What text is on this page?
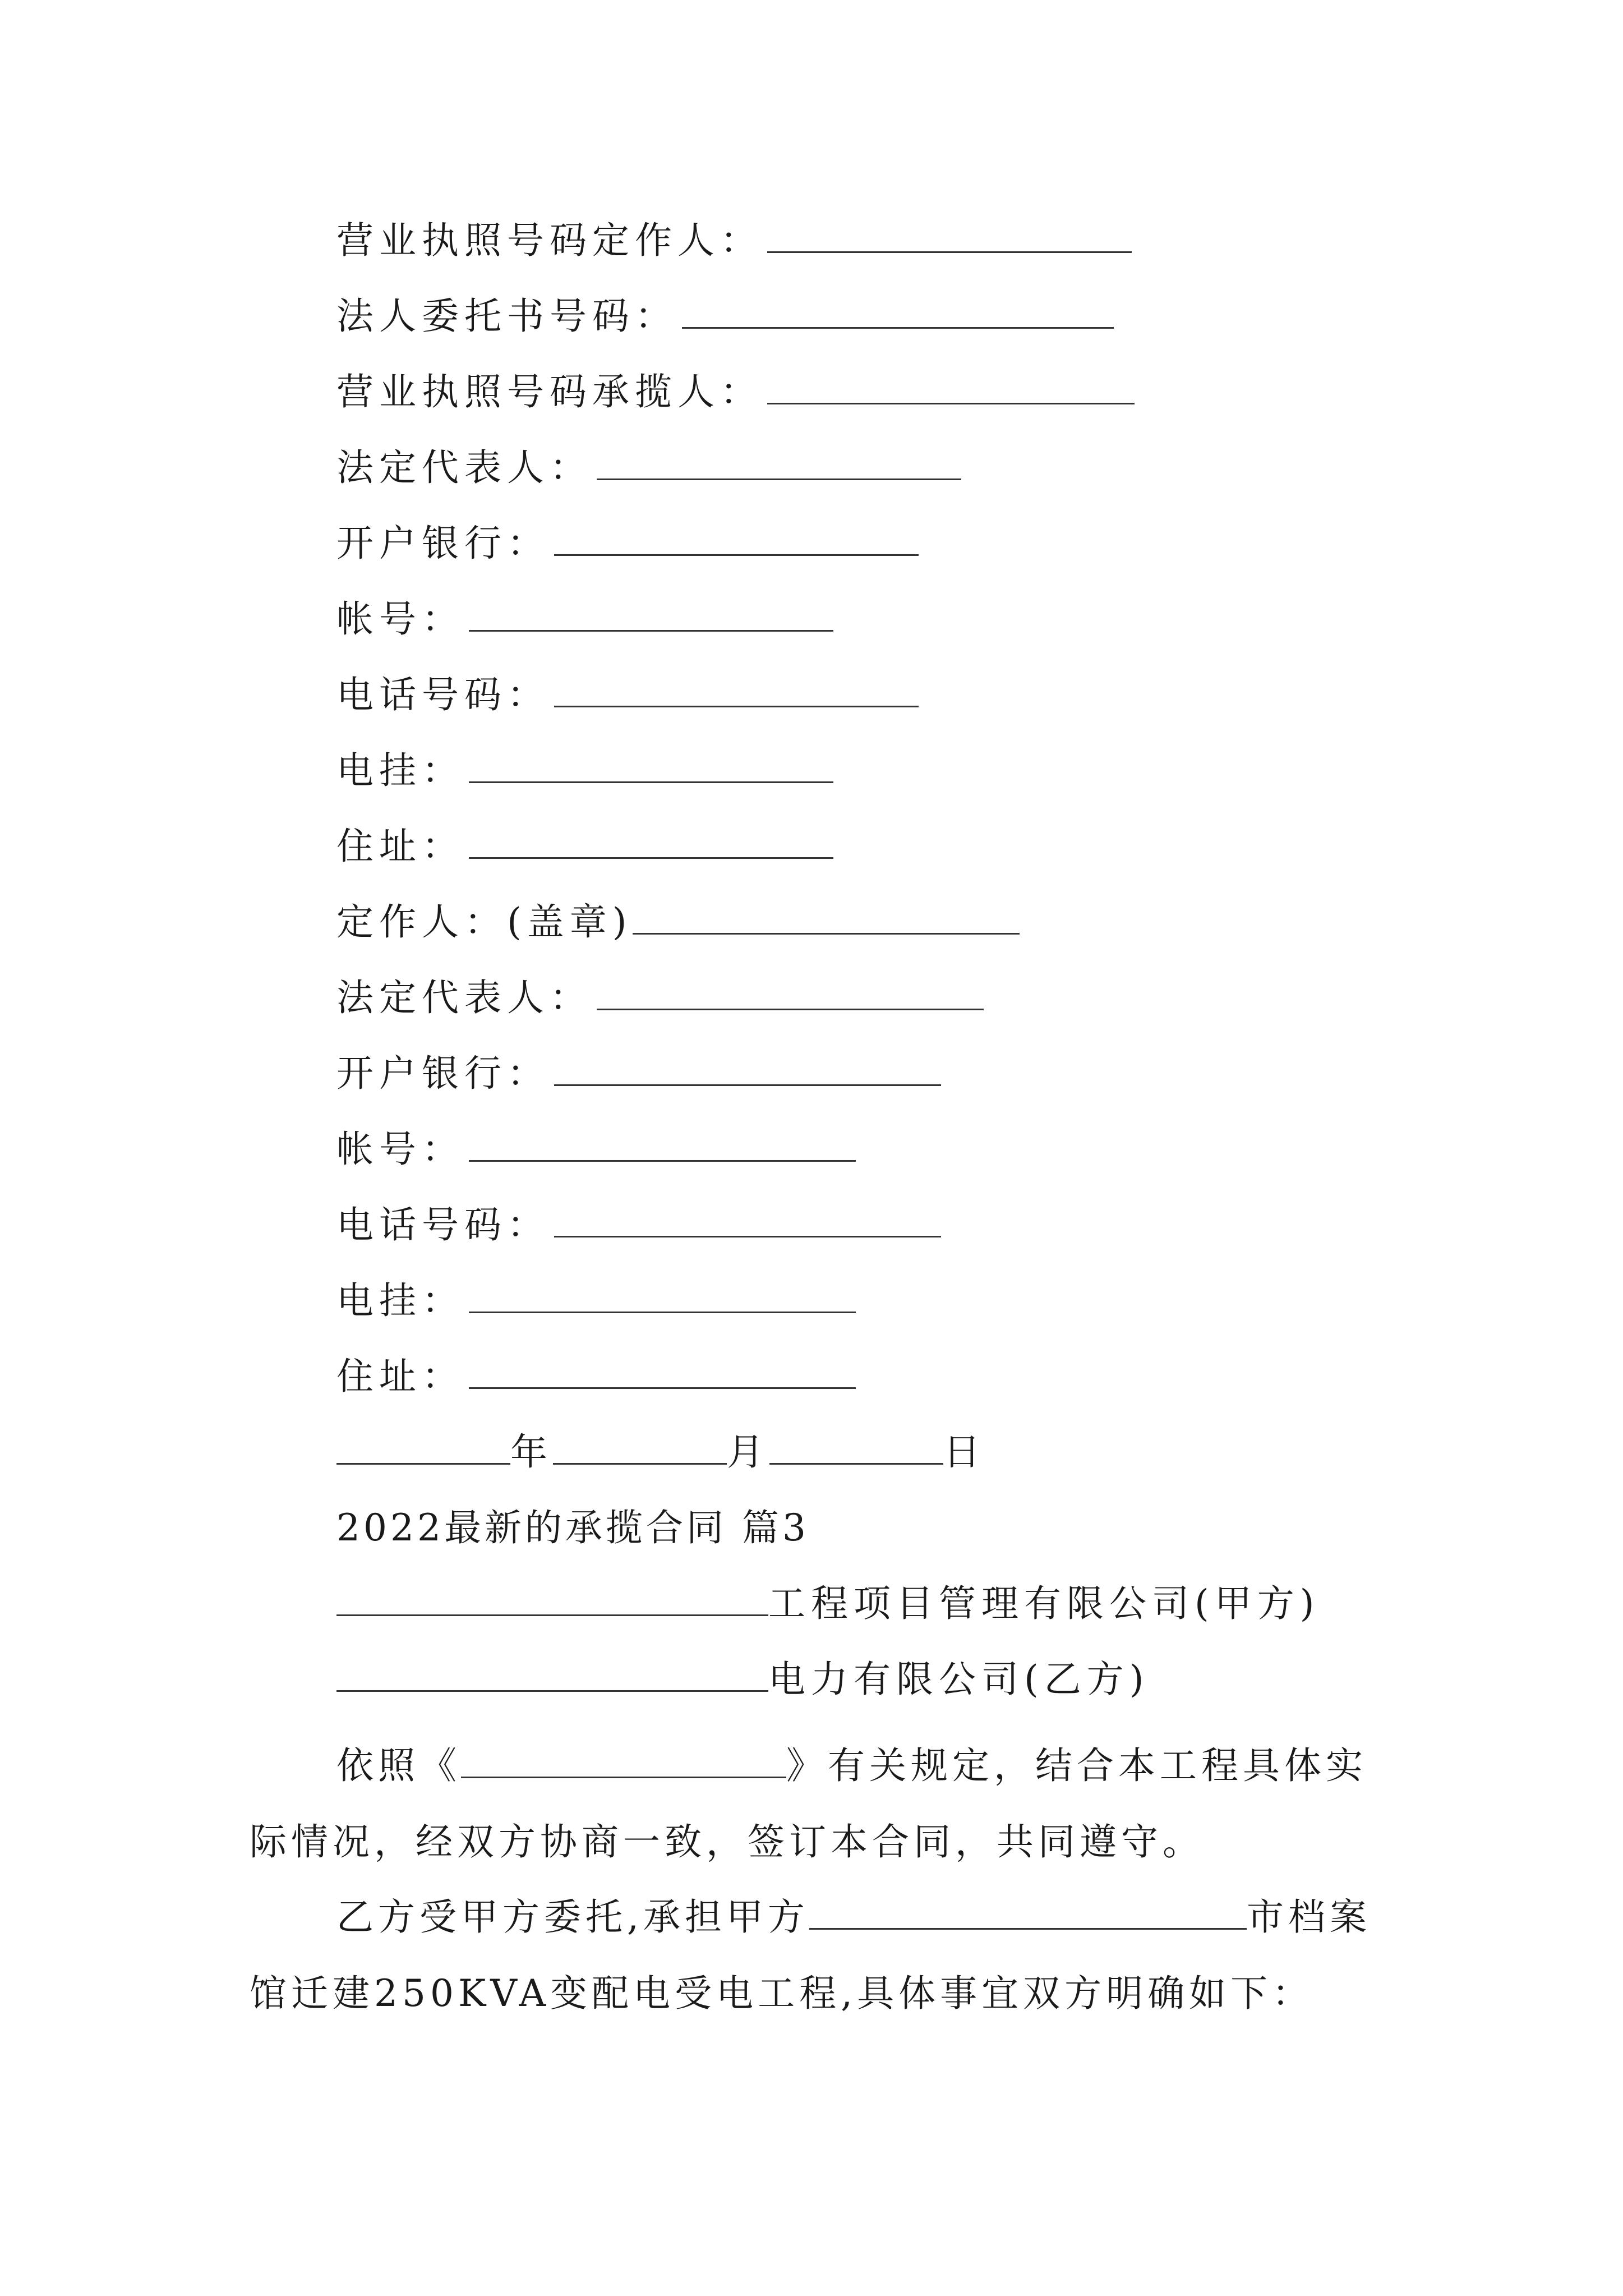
营业执照号码定作人：
法人委托书号码：
营业执照号码承揽人：
法定代表人：
开户银行：
帐号：
电话号码：
电挂：
住址：
定作人：(盖章)
法定代表人：
开户银行：
帐号：
电话号码：
电挂：
住址：
年	月	日
2022最新的承揽合同 篇3
工程项目管理有限公司(甲方)
电力有限公司(乙方)
依照《	》有关规定，结合本工程具体实际情况，经双方协商一致，签订本合同，共同遵守。
乙方受甲方委托,承担甲方	市档案馆迁建250KVA变配电受电工程,具体事宜双方明确如下：
